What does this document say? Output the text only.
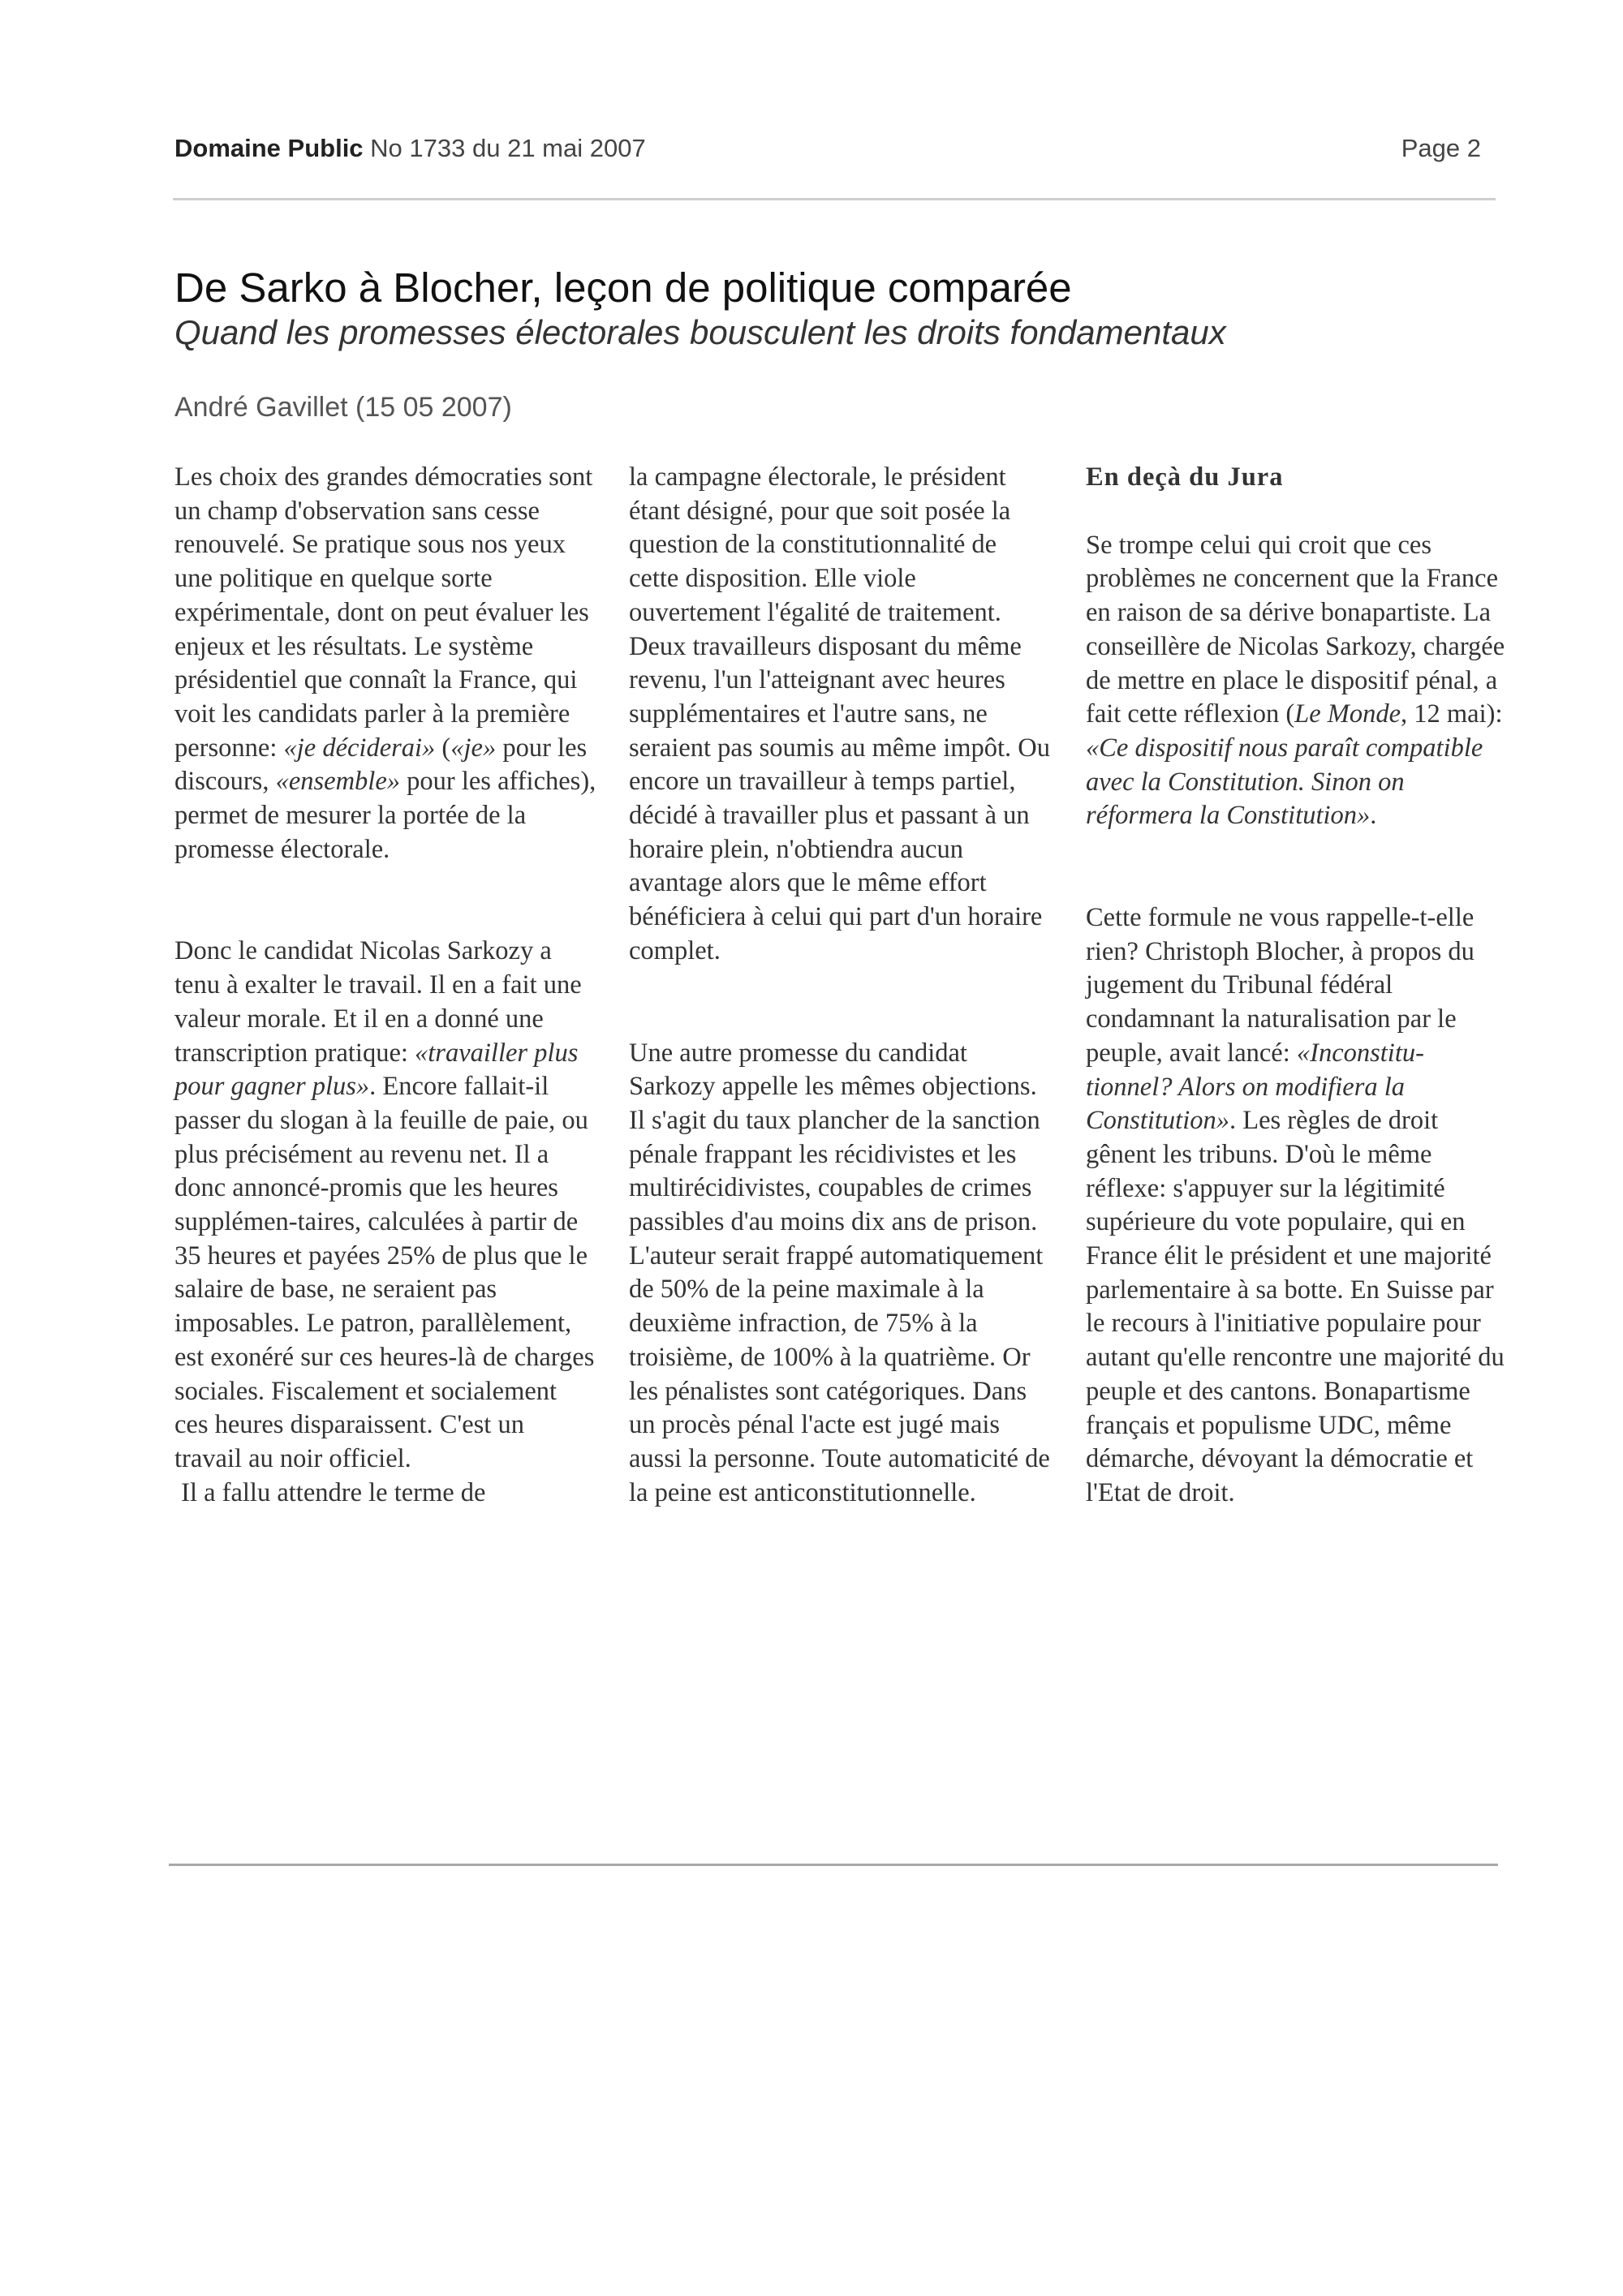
Domaine Public No 1733 du 21 mai 2007	Page 2
De Sarko à Blocher, leçon de politique comparée
Quand les promesses électorales bousculent les droits fondamentaux
André Gavillet (15 05 2007)

Les choix des grandes démocraties sont un champ d'observation sans cesse renouvelé. Se pratique sous nos yeux une politique en quelque sorte expérimentale, dont on peut évaluer les enjeux et les résultats. Le système présidentiel que connaît la France, qui voit les candidats parler à la première personne: «je déciderai» («je» pour les discours, «ensemble» pour les affiches), permet de mesurer la portée de la promesse électorale.

Donc le candidat Nicolas Sarkozy a tenu à exalter le travail. Il en a fait une valeur morale. Et il en a donné une transcription pratique: «travailler plus pour gagner plus». Encore fallait-il passer du slogan à la feuille de paie, ou plus précisément au revenu net. Il a donc annoncé-promis que les heures supplémen-taires, calculées à partir de 35 heures et payées 25% de plus que le salaire de base, ne seraient pas imposables. Le patron, parallèlement, est exonéré sur ces heures-là de charges sociales. Fiscalement et socialement ces heures disparaissent. C'est un travail au noir officiel.

Il a fallu attendre le terme de

la campagne électorale, le président étant désigné, pour que soit posée la question de la constitutionnalité de cette disposition. Elle viole ouvertement l'égalité de traitement. Deux travailleurs disposant du même revenu, l'un l'atteignant avec heures supplémentaires et l'autre sans, ne seraient pas soumis au même impôt. Ou encore un travailleur à temps partiel, décidé à travailler plus et passant à un horaire plein, n'obtiendra aucun avantage alors que le même effort bénéficiera à celui qui part d'un horaire complet.

Une autre promesse du candidat Sarkozy appelle les mêmes objections. Il s'agit du taux plancher de la sanction pénale frappant les récidivistes et les multirécidivistes, coupables de crimes passibles d'au moins dix ans de prison. L'auteur serait frappé automatiquement de 50% de la peine maximale à la deuxième infraction, de 75% à la troisième, de 100% à la quatrième. Or les pénalistes sont catégoriques. Dans un procès pénal l'acte est jugé mais aussi la personne. Toute automaticité de la peine est anticonstitutionnelle.

En deçà du Jura

Se trompe celui qui croit que ces problèmes ne concernent que la France en raison de sa dérive bonapartiste. La conseillère de Nicolas Sarkozy, chargée de mettre en place le dispositif pénal, a fait cette réflexion (Le Monde, 12 mai): «Ce dispositif nous paraît compatible avec la Constitution. Sinon on réformera la Constitution».

Cette formule ne vous rappelle-t-elle rien? Christoph Blocher, à propos du jugement du Tribunal fédéral condamnant la naturalisation par le peuple, avait lancé: «Inconstitu-tionnel? Alors on modifiera la Constitution». Les règles de droit gênent les tribuns. D'où le même réflexe: s'appuyer sur la légitimité supérieure du vote populaire, qui en France élit le président et une majorité parlementaire à sa botte. En Suisse par le recours à l'initiative populaire pour autant qu'elle rencontre une majorité du peuple et des cantons. Bonapartisme français et populisme UDC, même démarche, dévoyant la démocratie et l'Etat de droit.
